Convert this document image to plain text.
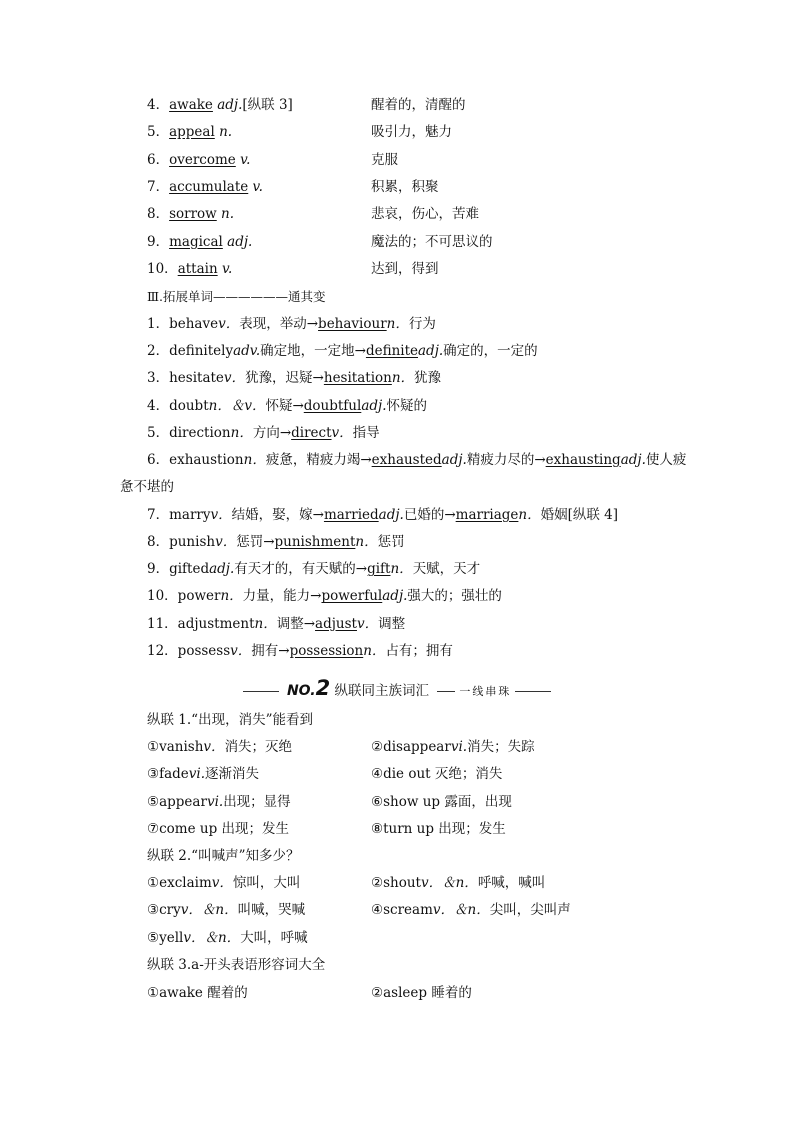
4．awake adj.[纵联 3]	醒着的，清醒的
5．appeal n.	吸引力，魅力
6．overcome v.	克服
7．accumulate v.	积累，积聚
8．sorrow n.	悲哀，伤心，苦难
9．magical adj.	魔法的；不可思议的
10．attain v.	达到，得到
Ⅲ.拓展单词——————通其变
1．behavev．表现，举动→behaviourn．行为
2．definitelyadv.确定地，一定地→definiteadj.确定的，一定的
3．hesitatev．犹豫，迟疑→hesitationn．犹豫
4．doubtn．＆v．怀疑→doubtfuladj.怀疑的
5．directionn．方向→directv．指导
6．exhaustionn．疲惫，精疲力竭→exhaustedadj.精疲力尽的→exhaustingadj.使人疲
惫不堪的
7．marryv．结婚，娶，嫁→marriedadj.已婚的→marriagen．婚姻[纵联 4]
8．punishv．惩罚→punishmentn．惩罚
9．giftedadj.有天才的，有天赋的→giftn．天赋，天才
10．powern．力量，能力→powerfuladj.强大的；强壮的
11．adjustmentn．调整→adjustv．调整
12．possessv．拥有→possessionn．占有；拥有
NO.2 纵联同主族词汇	一线串珠
纵联 1.“出现，消失”能看到
①vanishv．消失；灭绝	②disappearvi.消失；失踪
③fadevi.逐渐消失	④die out 灭绝；消失
⑤appearvi.出现；显得	⑥show up 露面，出现
⑦come up 出现；发生	⑧turn up 出现；发生
纵联 2.“叫喊声”知多少？
①exclaimv．惊叫，大叫	②shoutv．＆n．呼喊，喊叫
③cryv．＆n．叫喊，哭喊	④screamv．＆n．尖叫，尖叫声
⑤yellv．＆n．大叫，呼喊
纵联 3.a-开头表语形容词大全
①awake 醒着的	②asleep 睡着的
